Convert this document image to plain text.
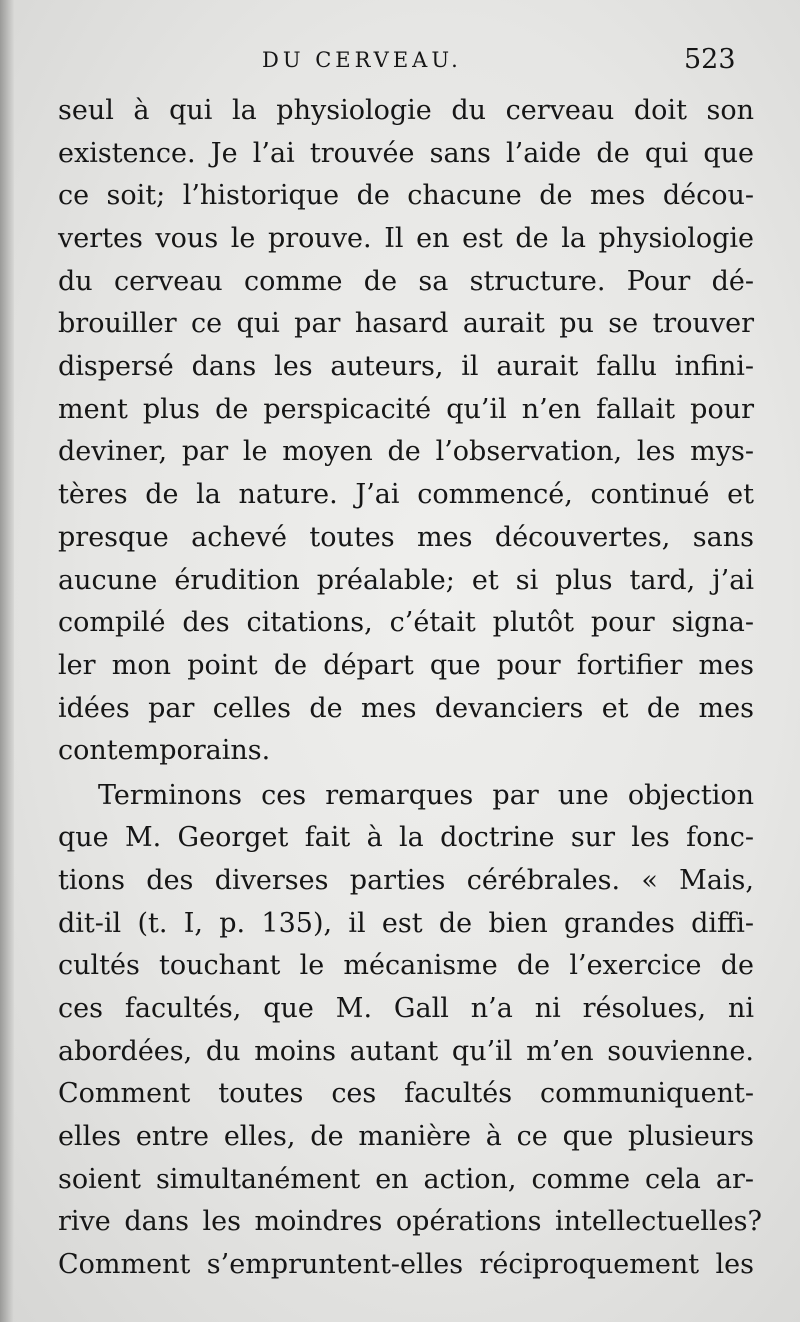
DU CERVEAU.	523
seul à qui la physiologie du cerveau doit son
existence. Je l’ai trouvée sans l’aide de qui que
ce soit; l’historique de chacune de mes décou-
vertes vous le prouve. Il en est de la physiologie
du cerveau comme de sa structure. Pour dé-
brouiller ce qui par hasard aurait pu se trouver
dispersé dans les auteurs, il aurait fallu infini-
ment plus de perspicacité qu’il n’en fallait pour
deviner, par le moyen de l’observation, les mys-
tères de la nature. J’ai commencé, continué et
presque achevé toutes mes découvertes, sans
aucune érudition préalable; et si plus tard, j’ai
compilé des citations, c’était plutôt pour signa-
ler mon point de départ que pour fortifier mes
idées par celles de mes devanciers et de mes
contemporains.
Terminons ces remarques par une objection
que M. Georget fait à la doctrine sur les fonc-
tions des diverses parties cérébrales. « Mais,
dit-il (t. I, p. 135), il est de bien grandes diffi-
cultés touchant le mécanisme de l’exercice de
ces facultés, que M. Gall n’a ni résolues, ni
abordées, du moins autant qu’il m’en souvienne.
Comment toutes ces facultés communiquent-
elles entre elles, de manière à ce que plusieurs
soient simultanément en action, comme cela ar-
rive dans les moindres opérations intellectuelles?
Comment s’empruntent-elles réciproquement les
